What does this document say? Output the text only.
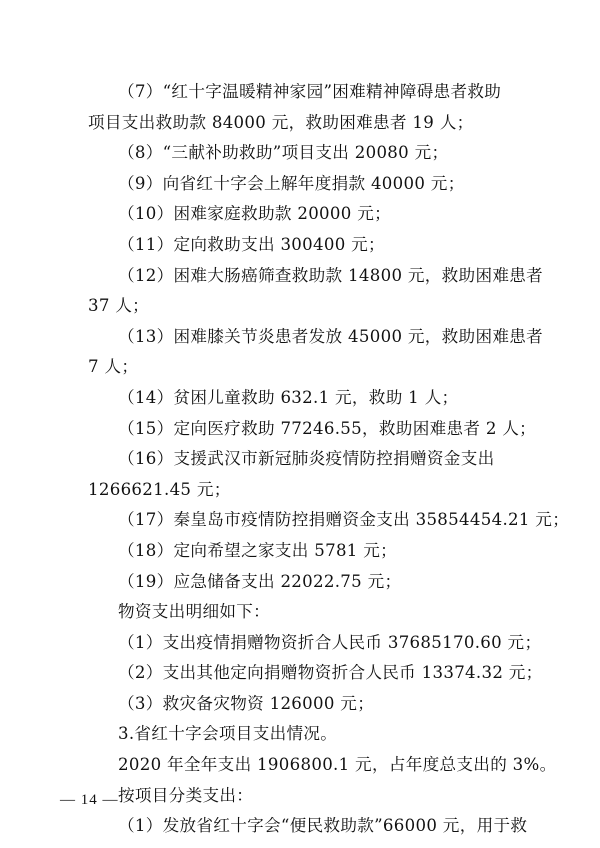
（7）“红十字温暖精神家园”困难精神障碍患者救助
项目支出救助款 84000 元，救助困难患者 19 人；
（8）“三献补助救助”项目支出 20080 元；
（9）向省红十字会上解年度捐款 40000 元；
（10）困难家庭救助款 20000 元；
（11）定向救助支出 300400 元；
（12）困难大肠癌筛查救助款 14800 元，救助困难患者
37 人；
（13）困难膝关节炎患者发放 45000 元，救助困难患者
7 人；
（14）贫困儿童救助 632.1 元，救助 1 人；
（15）定向医疗救助 77246.55，救助困难患者 2 人；
（16）支援武汉市新冠肺炎疫情防控捐赠资金支出
1266621.45 元；
（17）秦皇岛市疫情防控捐赠资金支出 35854454.21 元；
（18）定向希望之家支出 5781 元；
（19）应急储备支出 22022.75 元；
物资支出明细如下：
（1）支出疫情捐赠物资折合人民币 37685170.60 元；
（2）支出其他定向捐赠物资折合人民币 13374.32 元；
（3）救灾备灾物资 126000 元；
3.省红十字会项目支出情况。
2020 年全年支出 1906800.1 元，占年度总支出的 3%。
按项目分类支出：
（1）发放省红十字会“便民救助款”66000 元，用于救
— 14 —
